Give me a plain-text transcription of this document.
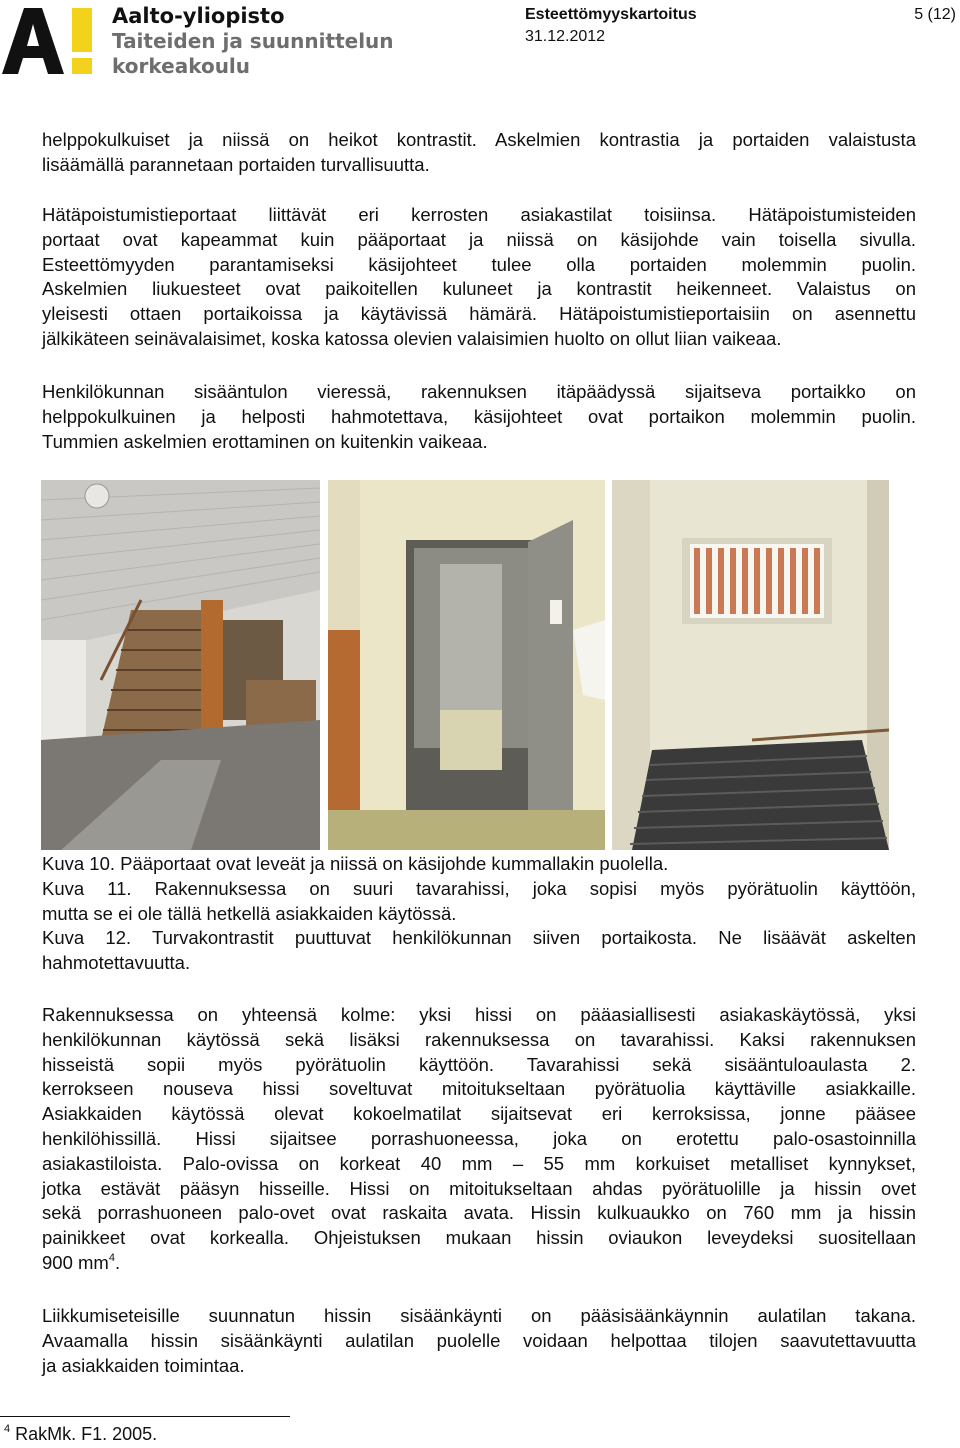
Aalto-yliopisto
Taiteiden ja suunnittelun
korkeakoulu
Esteettömyyskartoitus
31.12.2012
5 (12)

helppokulkuiset ja niissä on heikot kontrastit. Askelmien kontrastia ja portaiden valaistusta
lisäämällä parannetaan portaiden turvallisuutta.

Hätäpoistumistieportaat liittävät eri kerrosten asiakastilat toisiinsa. Hätäpoistumisteiden
portaat ovat kapeammat kuin pääportaat ja niissä on käsijohde vain toisella sivulla.
Esteettömyyden parantamiseksi käsijohteet tulee olla portaiden molemmin puolin.
Askelmien liukuesteet ovat paikoitellen kuluneet ja kontrastit heikenneet. Valaistus on
yleisesti ottaen portaikoissa ja käytävissä hämärä. Hätäpoistumistieportaisiin on asennettu
jälkikäteen seinävalaisimet, koska katossa olevien valaisimien huolto on ollut liian vaikeaa.

Henkilökunnan sisääntulon vieressä, rakennuksen itäpäädyssä sijaitseva portaikko on
helppokulkuinen ja helposti hahmotettava, käsijohteet ovat portaikon molemmin puolin.
Tummien askelmien erottaminen on kuitenkin vaikeaa.

Kuva 10. Pääportaat ovat leveät ja niissä on käsijohde kummallakin puolella.
Kuva 11. Rakennuksessa on suuri tavarahissi, joka sopisi myös pyörätuolin käyttöön,
mutta se ei ole tällä hetkellä asiakkaiden käytössä.
Kuva 12. Turvakontrastit puuttuvat henkilökunnan siiven portaikosta. Ne lisäävät askelten
hahmotettavuutta.

Rakennuksessa on yhteensä kolme: yksi hissi on pääasiallisesti asiakaskäytössä, yksi
henkilökunnan käytössä sekä lisäksi rakennuksessa on tavarahissi. Kaksi rakennuksen
hisseistä sopii myös pyörätuolin käyttöön. Tavarahissi sekä sisääntuloaulasta 2.
kerrokseen nouseva hissi soveltuvat mitoitukseltaan pyörätuolia käyttäville asiakkaille.
Asiakkaiden käytössä olevat kokoelmatilat sijaitsevat eri kerroksissa, jonne pääsee
henkilöhissillä. Hissi sijaitsee porrashuoneessa, joka on erotettu palo-osastoinnilla
asiakastiloista. Palo-ovissa on korkeat 40 mm – 55 mm korkuiset metalliset kynnykset,
jotka estävät pääsyn hisseille. Hissi on mitoitukseltaan ahdas pyörätuolille ja hissin ovet
sekä porrashuoneen palo-ovet ovat raskaita avata. Hissin kulkuaukko on 760 mm ja hissin
painikkeet ovat korkealla. Ohjeistuksen mukaan hissin oviaukon leveydeksi suositellaan
900 $mm^4$.

Liikkumiseteisille suunnatun hissin sisäänkäynti on pääsisäänkäynnin aulatilan takana.
Avaamalla hissin sisäänkäynti aulatilan puolelle voidaan helpottaa tilojen saavutettavuutta
ja asiakkaiden toimintaa.

$^4$ RakMk. F1. 2005.
